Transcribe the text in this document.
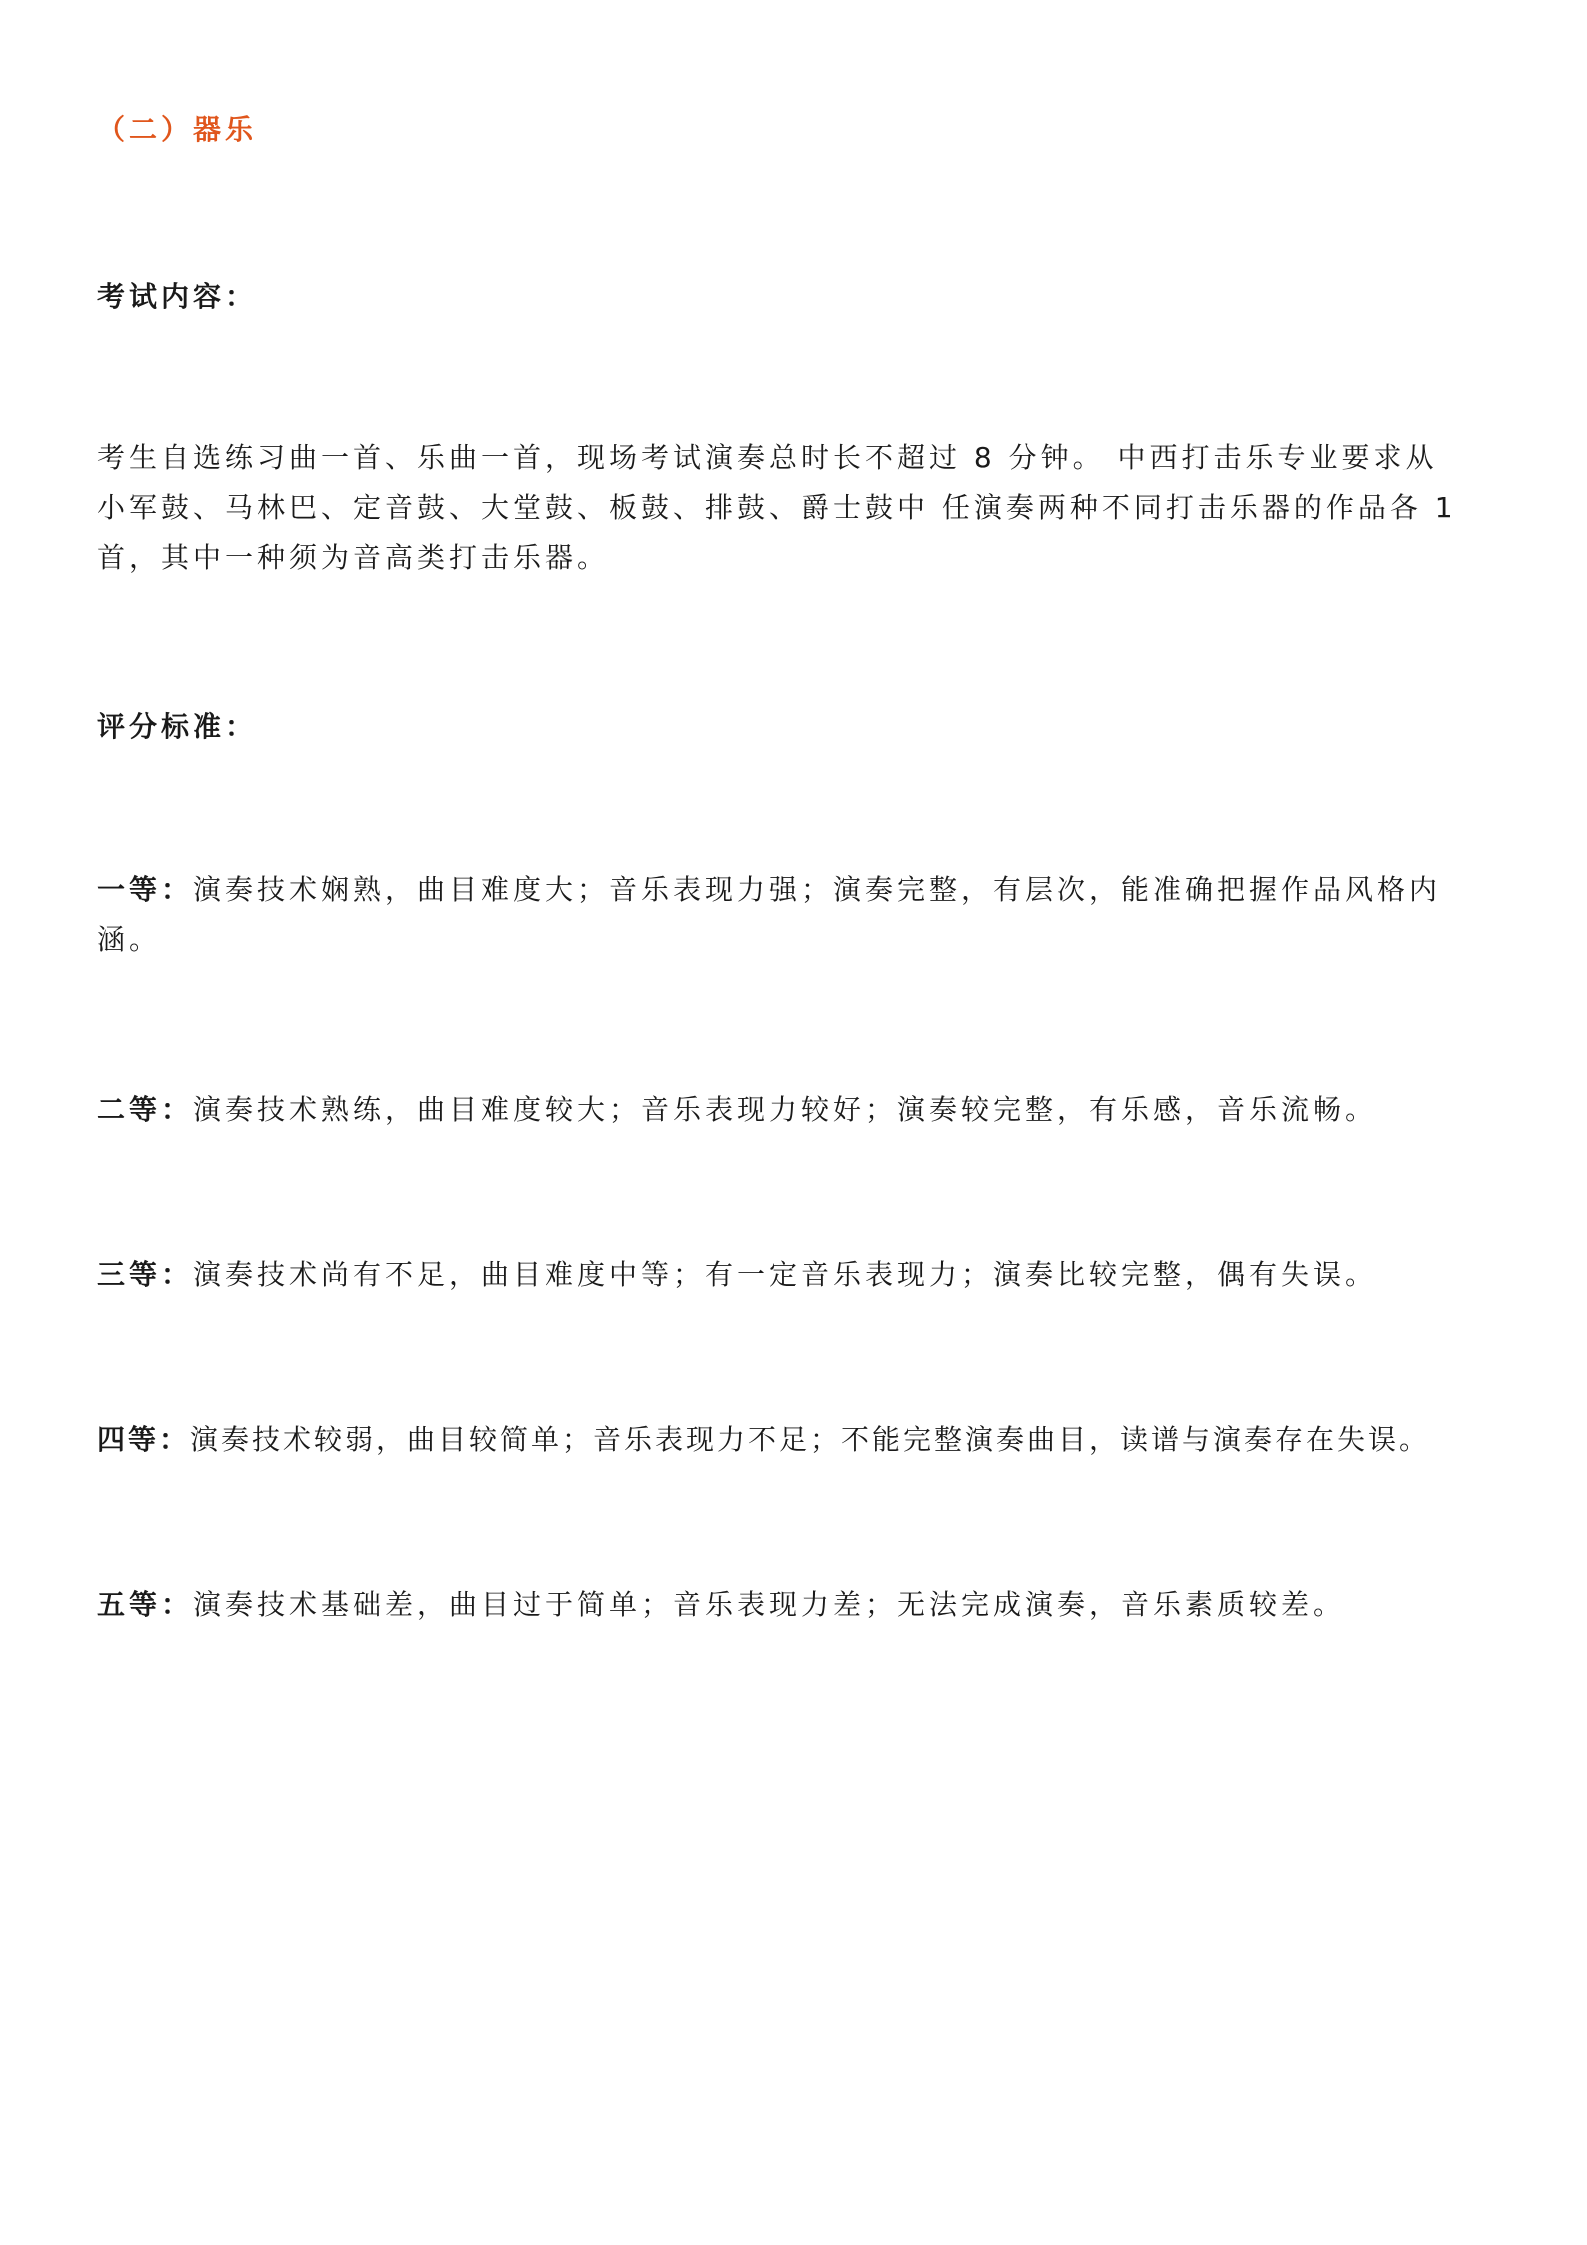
（二）器乐
考试内容：
考生自选练习曲一首、乐曲一首，现场考试演奏总时长不超过 8 分钟。 中西打击乐专业要求从
小军鼓、马林巴、定音鼓、大堂鼓、板鼓、排鼓、爵士鼓中 任演奏两种不同打击乐器的作品各 1
首，其中一种须为音高类打击乐器。
评分标准：
一等：演奏技术娴熟，曲目难度大；音乐表现力强；演奏完整，有层次，能准确把握作品风格内
涵。
二等：演奏技术熟练，曲目难度较大；音乐表现力较好；演奏较完整，有乐感，音乐流畅。
三等：演奏技术尚有不足，曲目难度中等；有一定音乐表现力；演奏比较完整，偶有失误。
四等：演奏技术较弱，曲目较简单；音乐表现力不足；不能完整演奏曲目，读谱与演奏存在失误。
五等：演奏技术基础差，曲目过于简单；音乐表现力差；无法完成演奏，音乐素质较差。
